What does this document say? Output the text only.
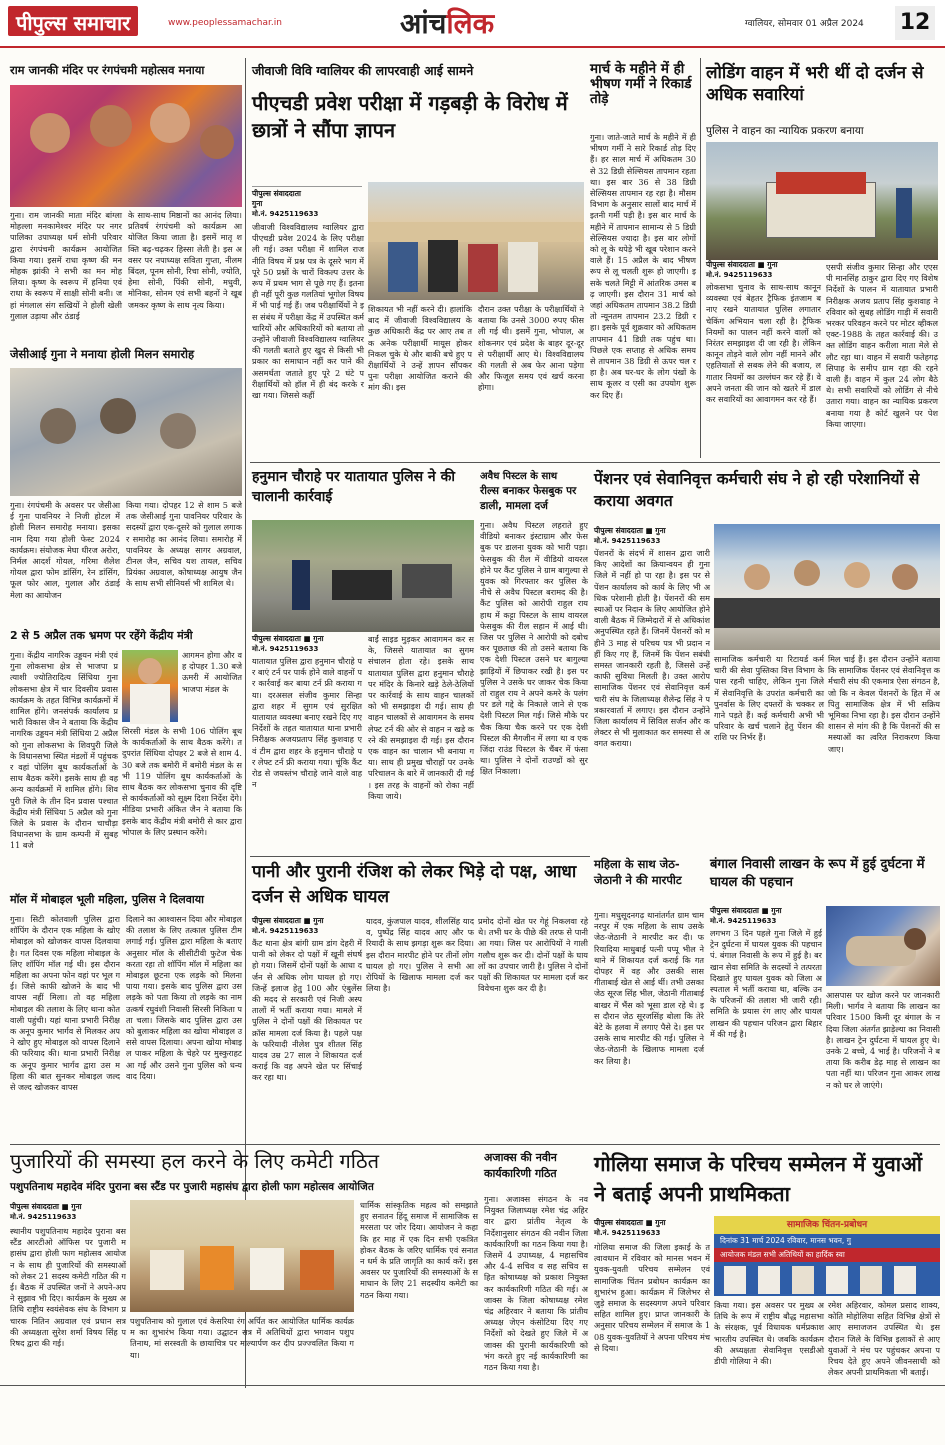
पीपुल्स समाचार	www.peoplessamachar.in	आंचलिक	ग्वालियर, सोमवार 01 अप्रैल 2024 12
राम जानकी मंदिर पर रंगपंचमी महोत्सव मनाया
गुना। राम जानकी माता मंदिर बांग्ला मोहल्ला मनकामेश्वर मंदिर पर नगर पालिका उपाध्यक्ष धर्म सोनी परिवार द्वारा रंगपंचमी कार्यक्रम आयोजित किया गया। इसमें राधा कृष्ण की मनमोहक झांकी ने सभी का मन मोह लिया। कृष्ण के स्वरूप में हनिया एवं राधा के स्वरूप में साक्षी सोनी बनी। जहां मंगलाल संग सखियों ने होली खेली गुलाल उड़ाया और ठंडाई
के साथ-साथ मिष्ठानों का आनंद लिया। प्रतिवर्ष रंगपंचमी को कार्यक्रम आयोजित किया जाता है। इसमें मातृ शक्ति बढ़-चढ़कर हिस्सा लेती है। इस अवसर पर नपाध्यक्ष सविता गुप्ता, नीलम बिंदल, पूनम सोनी, रिचा सोनी, ज्योति, हेमा सोनी, पिंकी सोनी, मधुवी, मोनिका, सोनम एवं सभी बहनों ने खूब जमकर कृष्ण के साथ नृत्य किया।
जेसीआई गुना ने मनाया होली मिलन समारोह
गुना। रंगपंचमी के अवसर पर जेसीआई गुना पावनियर ने निजी होटल में होली मिलन समारोह मनाया। इसका नाम दिया गया होली फेस्ट 2024 कार्यक्रम। संयोजक मेघा धीरज अरोरा, निर्मल आदर्श गोयल, गरिमा शैलेश गोयल द्वारा फोम डांसिंग, रेन डांसिंग, फूल फोर आल, गुलाल और ठंडाई मेला का आयोजन
किया गया। दोपहर 12 से शाम 5 बजे तक जेसीआई गुना पावनियर परिवार के सदस्यों द्वारा एक-दूसरे को गुलाल लगाकर समारोह का आनंद लिया। समारोह में पावनियर के अध्यक्ष सागर अग्रवाल, टीनल जैन, सचिव यश तायल, सचिव प्रियंका अग्रवाल, कोषाध्यक्ष आयुष जैन के साथ सभी सीनियर्स भी शामिल थे।
2 से 5 अप्रैल तक भ्रमण पर रहेंगे केंद्रीय मंत्री
गुना। केंद्रीय नागरिक उड्डयन मंत्री एवं गुना लोकसभा क्षेत्र से भाजपा प्रत्याशी ज्योतिरादित्य सिंधिया गुना लोकसभा क्षेत्र में चार दिवसीय प्रवास कार्यक्रम के तहत विभिन्न कार्यक्रमों में शामिल होंगे। जनसंपर्क कार्यालय प्रभारी विकास जैन ने बताया कि केंद्रीय नागरिक उड्डयन मंत्री सिंधिया 2 अप्रैल को गुना लोकसभा के शिवपुरी जिले के विधानसभा स्थित मंडलों में पहुंचकर वहां पोलिंग बूथ कार्यकर्ताओं के साथ बैठक करेंगे। इसके साथ ही वह अन्य कार्यक्रमों में शामिल होंगे। शिवपुरी जिले के तीन दिन प्रवास पश्चात केंद्रीय मंत्री सिंधिया 5 अप्रैल को गुना जिले के प्रवास के दौरान चाचौड़ा विधानसभा के ग्राम कम्पनी में सुबह 11 बजे
आगमन होगा और वह दोपहर 1.30 बजे ऊमरी में आयोजित भाजपा मंडल के
सिरसी मंडल के सभी 106 पोलिंग बूथ के कार्यकर्ताओं के साथ बैठक करेंगे। तदुपरांत सिंधिया दोपहर 2 बजे से शाम 4.30 बजे तक बमोरी में बमोरी मंडल के सभी 119 पोलिंग बूथ कार्यकर्ताओं के साथ बैठक कर लोकसभा चुनाव की दृष्टि से कार्यकर्ताओं को सूक्ष्म दिशा निर्देश देंगे। मीडिया प्रभारी अंकित जैन ने बताया कि इसके बाद केंद्रीय मंत्री बमोरी से कार द्वारा भोपाल के लिए प्रस्थान करेंगे।
मॉल में मोबाइल भूली महिला, पुलिस ने दिलवाया
गुना। सिटी कोतवाली पुलिस द्वारा शॉपिंग के दौरान एक महिला के खोए मोबाइल को खोजकर वापस दिलवाया है। गत दिवस एक महिला मोबाइल के लिए शॉपिंग मॉल गई थी। इस दौरान महिला का अपना फोन वहां पर भूल गई। जिसे काफी खोजने के बाद भी वापस नहीं मिला। तो वह महिला मोबाइल की तलाश के लिए थाना कोतवाली पहुंची। यहां थाना प्रभारी निरीक्षक अनूप कुमार भार्गव से मिलकर अपने खोए हुए मोबाइल को वापस दिलाने की फरियाद की। थाना प्रभारी निरीक्षक अनूप कुमार भार्गव द्वारा उस महिला की बात सुनकर मोबाइल जल्द से जल्द खोजकर वापस
दिलाने का आश्वासन दिया और मोबाइल की तलाश के लिए तत्काल पुलिस टीम लगाई गई। पुलिस द्वारा महिला के बताए अनुसार मॉल के सीसीटीवी फुटेज चेक करता रहा तो शॉपिंग मॉल में महिला का मोबाइल छूटना एक लड़के को मिलना पाया गया। इसके बाद पुलिस द्वारा उस लड़के को पता किया तो लड़के का नाम उत्कर्ष रघुवंशी निवासी सिरसी निकिता पता चला। जिसके बाद पुलिस द्वारा उसको बुलाकर महिला का खोया मोबाइल उससे वापस दिलाया। अपना खोया मोबाइल पाकर महिला के चेहरे पर मुस्कुराहट आ गई और उसने गुना पुलिस को धन्यवाद दिया।
जीवाजी विवि ग्वालियर की लापरवाही आई सामने
पीएचडी प्रवेश परीक्षा में गड़बड़ी के विरोध में छात्रों ने सौंपा ज्ञापन
पीपुल्स संवाददाता
गुना
मो.नं. 9425119633
जीवाजी विश्वविद्यालय ग्वालियर द्वारा पीएचडी प्रवेश 2024 के लिए परीक्षा ली गई। उक्त परीक्षा में शामिल राजनीति विषय में प्रश्न पत्र के दूसरे भाग में पूरे 50 प्रश्नों के चारों विकल्प उत्तर के रूप में प्रथम भाग से पूछे गए हैं। इतना ही नहीं पूरी कुछ गलतियां भूगोल विषय में भी पाई गई हैं। जब परीक्षार्थियों ने इस संबंध में परीक्षा केंद्र में उपस्थित कर्मचारियों और अधिकारियों को बताया तो उन्होंने जीवाजी विश्वविद्यालय ग्वालियर की गलती बताते हुए खुद से किसी भी प्रकार का समाधान नहीं कर पाने की असमर्थता जताते हुए पूरे 2 घंटे परीक्षार्थियों को हॉल में ही बंद करके रखा गया। जिससे कहीं
शिकायत भी नहीं करने दी। हालांकि बाद में जीवाजी विश्वविद्यालय के कुछ अधिकारी केंद्र पर आए तब तक अनेक परीक्षार्थी मायूस होकर निकल चुके थे और बाकी बचे हुए परीक्षार्थियों ने उन्हें ज्ञापन सौंपकर पुनः परीक्षा आयोजित कराने की मांग की। इस
दौरान उक्त परीक्षा के परीक्षार्थियों ने बताया कि उनसे 3000 रुपए फीस ली गई थी। इसमें गुना, भोपाल, अशोकनगर एवं प्रदेश के बाहर दूर-दूर से परीक्षार्थी आए थे। विश्वविद्यालय की गलती से अब फेर आना पड़ेगा और फिजूल समय एवं खर्च करना होगा।
मार्च के महीने में ही भीषण गर्मी ने रिकार्ड तोड़े
गुना। जाते-जाते मार्च के महीने में ही भीषण गर्मी ने सारे रिकार्ड तोड़ दिए हैं। हर साल मार्च में अधिकतम 30 से 32 डिग्री सेल्सियस तापमान रहता था। इस बार 36 से 38 डिग्री सेल्सियस तापमान रह रहा है। मौसम विभाग के अनुसार सालों बाद मार्च में इतनी गर्मी पड़ी है। इस बार मार्च के महीने में तापमान सामान्य से 5 डिग्री सेल्सियस ज्यादा है। इस बार लोगों को लू के थपेड़े भी खूब परेशान करने वाले हैं। 15 अप्रैल के बाद भीषण रूप से लू चलती शुरू हो जाएगी। इसके चलते मिट्टी में आंतरिक उमस बढ़ जाएगी। इस दौरान 31 मार्च को जहां अधिकतम तापमान 38.2 डिग्री तो न्यूनतम तापमान 23.2 डिग्री रहा। इसके पूर्व शुक्रवार को अधिकतम तापमान 41 डिग्री तक पहुंच था। पिछले एक सप्ताह से अधिक समय से तापमान 38 डिग्री से ऊपर चल रहा है। अब घर-घर के लोग पंखों के साथ कूलर व एसी का उपयोग शुरू कर दिए हैं।
लोडिंग वाहन में भरी थीं दो दर्जन से अधिक सवारियां
पुलिस ने वाहन का न्यायिक प्रकरण बनाया
पीपुल्स संवाददाता ■ गुना
मो.नं. 9425119633
लोकसभा चुनाव के साथ-साथ कानून व्यवस्था एवं बेहतर ट्रैफिक इंतजाम बनाए रखने यातायात पुलिस लगातार चेकिंग अभियान चला रही है। ट्रैफिक नियमों का पालन नहीं करने वालों को निरंतर समझाइश दी जा रही है। लेकिन कानून तोड़ने वाले लोग नहीं मानने और एहतियातों से सबक लेने की बजाय, लगातार नियमों का उल्लंघन कर रहे हैं। वे अपने जनता की जान को खतरे में डालकर सवारियों का आवागमन कर रहे हैं।
एसपी संजीव कुमार सिन्हा और एएसपी मानसिंह ठाकुर द्वारा दिए गए विशेष निर्देशों के पालन में यातायात प्रभारी निरीक्षक अजय प्रताप सिंह कुशवाह ने रविवार को सुबह लोडिंग गाड़ी में सवारी भरकर परिवहन करने पर मोटर व्हीकल एक्ट-1988 के तहत कार्रवाई की। उक्त लोडिंग वाहन करीला माता मेले से लौट रहा था। वाहन में सवारी फतेहगढ़ सिपाह के समीप ग्राम रहा की रहने वाली हैं। वाहन में कुल 24 लोग बैठे थे। सभी सवारियों को लोडिंग से नीचे उतारा गया। वाहन का न्यायिक प्रकरण बनाया गया है कोर्ट खुलने पर पेश किया जाएगा।
हनुमान चौराहे पर यातायात पुलिस ने की चालानी कार्रवाई
पीपुल्स संवाददाता ■ गुना
मो.नं. 9425119633
यातायात पुलिस द्वारा हनुमान चौराहे पर बाएं टर्न पर पार्क होने वाले वाहनों पर कार्रवाई कर बाया टर्न फ्री कराया गया। दरअसल संजीव कुमार सिन्हा द्वारा शहर में सुगम एवं सुरक्षित यातायात व्यवस्था बनाए रखने दिए गए निर्देशों के तहत यातायात थाना प्रभारी निरीक्षक अजयप्रताप सिंह कुशवाह एवं टीम द्वारा शहर के हनुमान चौराहे पर लेफ्ट टर्न फ्री कराया गया। चूंकि कैंट रोड से जयस्तंभ चौराहे जाने वाले वाहन
बाईं साइड मुड़कर आवागमन कर सके, जिससे यातायात का सुगम संचालन होता रहे। इसके साथ यातायात पुलिस द्वारा हनुमान चौराहे पर मंदिर के किनारे खड़े ठेले-ठेलियों पर कार्रवाई के साथ वाहन चालकों को भी समझाइश दी गई। साथ ही वाहन चालकों से आवागमन के समय लेफ्ट टर्न की ओर से वाहन न खड़े करने की समझाइश दी गई। इस दौरान एक वाहन का चालान भी बनाया गया। साथ ही प्रमुख चौराहों पर उनके परिचालन के बारे में जानकारी दी गई। इस तरह के वाहनों को रोका नहीं किया जाये।
अवैध पिस्टल के साथ
रील्स बनाकर फेसबुक पर डाली, मामला दर्ज
गुना। अवैध पिस्टल लहराते हुए वीडियो बनाकर इंस्टाग्राम और फेसबुक पर डालना युवक को भारी पड़ा। फेसबुक की रील में वीडियो वायरल होने पर कैंट पुलिस ने ग्राम बागुल्या से युवक को गिरफ्तार कर पुलिस के नीचे से अवैध पिस्टल बरामद की है। कैंट पुलिस को आरोपी राहुल राय हाथ में कट्टा पिस्टल के साथ वायरल फेसबुक की रील सहान में आई थी। जिस पर पुलिस ने आरोपी को दबोचकर पूछताछ की तो उसने बताया कि एक देशी पिस्टल उसने घर बागुल्या झाड़ियों में छिपाकर रखी है। इस पर पुलिस ने उसके घर जाकर चेक किया तो राहुल राय ने अपने कमरे के पलंग पर डले गद्दे के निकाले जाने से एक देशी पिस्टल मिल गई। जिसे मौके पर चैक किया चैक करने पर एक देशी पिस्टल की मैगजीन में लगा था व एक जिंदा राउंड पिस्टल के चैंबर में फंसा था। पुलिस ने दोनों राउण्डों को सुरक्षित निकाला।
पेंशनर एवं सेवानिवृत्त कर्मचारी संघ ने हो रही परेशानियों से कराया अवगत
पीपुल्स संवाददाता ■ गुना
मो.नं. 9425119633
पेंशनरों के संदर्भ में शासन द्वारा जारी किए आदेशों का क्रियान्वयन ही गुना जिले में नहीं हो पा रहा है। इस पर से पेंशन कार्यालय को कार्य के लिए भी अधिक परेशानी होती है। पेंशनरों की समस्याओं पर निदान के लिए आयोजित होने वाली बैठक में जिम्मेदारों में से अधिकांश अनुपस्थित रहते हैं। जिनमें पेंशनरों को महीने 3 माह से परिचय पत्र भी प्रदान नहीं किए गए हैं, जिनमें कि पेंशन सबंधी समस्त जानकारी रहती है, जिससे उन्हें काफी सुविधा मिलती है। उक्त आरोप सामाजिक पेंशनर एवं सेवानिवृत्त कर्मचारी संघ के जिलाध्यक्ष शैलेन्द्र सिंह ने पत्रकारवार्ता में लगाए। इस दौरान उन्होंने जिला कार्यालय में सिविल सर्जन और कलेक्टर से भी मुलाकात कर समस्या से अवगत कराया।
सामाजिक कर्मचारी या रिटायर्ड कर्मचारी की सेवा पुस्तिका वित्त विभाग के पास रहनी चाहिए, लेकिन गुना जिले में सेवानिवृत्ति के उपरांत कर्मचारी का पुनर्वास के लिए दफ्तरों के चक्कर लगाने पड़ते हैं। कई कर्मचारी अभी भी परिवार के खर्च चलाने हेतु पेंशन की राशि पर निर्भर हैं।
मिल चाई हैं। इस दौरान उन्होंने बताया कि सामाजिक पेंशनर एवं सेवानिवृत्त कर्मचारी संघ की एकमात्र ऐसा संगठन है, जो कि न केवल पेंशनरों के हित में अपितु सामाजिक क्षेत्र में भी सक्रिय भूमिका निभा रहा है। इस दौरान उन्होंने शासन से मांग की है कि पेंशनरों की समस्याओं का त्वरित निराकरण किया जाए।
पानी और पुरानी रंजिश को लेकर भिड़े दो पक्ष, आधा दर्जन से अधिक घायल
पीपुल्स संवाददाता ■ गुना
मो.नं. 9425119633
कैंट थाना क्षेत्र बांगी ग्राम डांग देहरी में पानी को लेकर दो पक्षों में खूनी संघर्ष हो गया। जिसमें दोनों पक्षों के आधा दर्जन से अधिक लोग घायल हो गए। जिन्हें इलाज हेतु 100 और एंबुलेंस की मदद से सरकारी एवं निजी अस्पतालों में भर्ती कराया गया। मामले में पुलिस ने दोनों पक्षों की शिकायत पर क्रॉस मामला दर्ज किया है। पहले पक्ष के फरियादी नीलेश पुत्र शीतल सिंह यादव उम्र 27 साल ने शिकायत दर्ज कराई कि वह अपने खेत पर सिंचाई कर रहा था।
यादव, कुंजपाल यादव, शीलसिंह यादव, पुष्पेंद्र सिंह यादव आए और फरियादी के साथ झगड़ा शुरू कर दिया। इस दौरान मारपीट होने पर तीनों लोग घायल हो गए। पुलिस ने सभी आरोपियों के खिलाफ मामला दर्ज कर लिया है।
प्रमोद दोनों खेत पर गेहूं निकलवा रहे थे। तभी घर के पीछे की तरफ से पानी आ गया। जिस पर आरोपियों ने गाली गलौच शुरू कर दी। दोनों पक्षों के घायलों का उपचार जारी है। पुलिस ने दोनों पक्षों की शिकायत पर मामला दर्ज कर विवेचना शुरू कर दी है।
महिला के साथ जेठ-जेठानी ने की मारपीट
गुना। मधुसूदनगढ़ थानांतर्गत ग्राम चामनरपुर में एक महिला के साथ उसके जेठ-जेठानी ने मारपीट कर दी। फरियादिया माधुबाई पत्नी पप्पू भील ने थाने में शिकायत दर्ज कराई कि गत दोपहर में वह और उसकी सास गीताबाई खेत से आई थीं। तभी उसका जेठ सूरज सिंह भील, जेठानी गीताबाई बाखर में भैंस को भूसा डाल रहे थे। इस दौरान जेठ सूरजसिंह बोला कि तेरे बेटे के हलवा में लगाए पैसे दे। इस पर उसके साथ मारपीट की गई। पुलिस ने जेठ-जेठानी के खिलाफ मामला दर्ज कर लिया है।
बंगाल निवासी लाखन के रूप में हुई दुर्घटना में घायल की पहचान
पीपुल्स संवाददाता ■ गुना
मो.नं. 9425119633
लगभग 3 दिन पहले गुना जिले में हुई ट्रेन दुर्घटना में घायल युवक की पहचान पं. बंगाल निवासी के रूप में हुई है। बरखान सेवा समिति के सदस्यों ने तत्परता दिखाते हुए घायल युवक को जिला अस्पताल में भर्ती कराया था, बल्कि उनके परिजनों की तलाश भी जारी रही। समिति के प्रयास रंग लाए और घायल लाखन की पहचान परिजन द्वारा बिहार में की गई है।
आसपास पर खोज करने पर जानकारी मिली। भार्गव ने बताया कि लाखन का परिवार 1500 किमी दूर बंगाल के नदिया जिला अंतर्गत झाड़ेल्या का निवासी है। लाखन ट्रेन दुर्घटना में घायल हुए थे। उनके 2 बच्चे, 4 भाई है। परिजनों ने बताया कि करीब डेढ़ माह से लाखन का पता नहीं था। परिजन गुना आकर लाखन को घर ले जाएंगे।
पुजारियों की समस्या हल करने के लिए कमेटी गठित
पशुपतिनाथ महादेव मंदिर पुराना बस स्टैंड पर पुजारी महासंघ द्वारा होली फाग महोत्सव आयोजित
पीपुल्स संवाददाता ■ गुना
मो.नं. 9425119633
स्थानीय पशुपतिनाथ महादेव पुराना बस स्टैंड आरटीओ ऑफिस पर पुजारी महासंघ द्वारा होली फाग महोत्सव आयोजन के साथ ही पुजारियों की समस्याओं को लेकर 21 सदस्य कमेटी गठित की गई। बैठक में उपस्थित जनों ने अपने-अपने सुझाव भी दिए। कार्यक्रम के मुख्य अतिथि राष्ट्रीय स्वयंसेवक संघ के विभाग प्रचारक नितिन अग्रवाल एवं प्रधान सत्र की अध्यक्षता सुरेश शर्मा विषय सिंह परिषद द्वारा की गई।
पशुपतिनाथ को गुलाल एवं केसरिया रंग अर्पित कर आयोजित धार्मिक कार्यक्रम का शुभारंभ किया गया। उद्घाटन सत्र में अतिथियों द्वारा भगवान पशुपतिनाथ, मां सरस्वती के छायाचित्र पर माल्यार्पण कर दीप प्रज्ज्वलित किया गया।
धार्मिक सांस्कृतिक महत्व को समझाते हुए सनातन हिंदू समाज में सामाजिक समरसता पर जोर दिया। आयोजन ने कहा कि हर माह में एक दिन सभी एकत्रित होकर बैठक के जरिए धार्मिक एवं सनातन धर्म के प्रति जागृति का कार्य करें। इस अवसर पर पुजारियों की समस्याओं के समाधान के लिए 21 सदस्यीय कमेटी का गठन किया गया।
अजाक्स की नवीन कार्यकारिणी गठित
गुना। अजाक्स संगठन के नव नियुक्त जिलाध्यक्ष रमेश चंद्र अहिरवार द्वारा प्रांतीय नेतृत्व के निर्देशानुसार संगठन की नवीन जिला कार्यकारिणी का गठन किया गया है। जिसमें 4 उपाध्यक्ष, 4 महासचिव और 4-4 सचिव व सह सचिव सहित कोषाध्यक्ष को प्रकाश नियुक्त कर कार्यकारिणी गठित की गई। अजाक्स के जिला कोषाध्यक्ष रमेश चंद्र अहिरवार ने बताया कि प्रांतीय अध्यक्ष जेएन कंसोटिया दिए गए निर्देशों को देखते हुए जिले में अजाक्स की पुरानी कार्यकारिणी को भंग करते हुए नई कार्यकारिणी का गठन किया गया है।
गोलिया समाज के परिचय सम्मेलन में युवाओं ने बताई अपनी प्राथमिकता
पीपुल्स संवाददाता ■ गुना
मो.नं. 9425119633
गोलिया समाज की जिला इकाई के तत्वावधान में रविवार को मानस भवन में युवक-युवती परिचय सम्मेलन एवं सामाजिक चिंतन प्रबोधन कार्यक्रम का शुभारंभ हुआ। कार्यक्रम में जिलेभर से जुड़े समाज के सदस्यगण अपने परिवार सहित शामिल हुए। प्राप्त जानकारी के अनुसार परिचय सम्मेलन में समाज के 108 युवक-युवतियों ने अपना परिचय मंच से दिया।
सामाजिक चिंतन-प्रबोधन
दिनांक 31 मार्च 2024 रविवार, मानस भवन, गु
आयोजक मंडल सभी अतिथियों का हार्दिक स्वा
किया गया। इस अवसर पर मुख्य अतिथि के रूप में राष्ट्रीय बौद्ध महासभा के संरक्षक, पूर्व विधायक धर्मप्रकाश भारतीय उपस्थित थे। जबकि कार्यक्रम की अध्यक्षता सेवानिवृत्त एसडीओ डीपी गोलिया ने की।
रमेश अहिरवार, कोमल प्रसाद शाक्य, कोति मोहोलिया सहित विभिन्न क्षेत्रों से आए समाजजन उपस्थित थे। इस दौरान जिले के विभिन्न इलाकों से आए युवाओं ने मंच पर पहुंचकर अपना परिचय देते हुए अपने जीवनसाथी को लेकर अपनी प्राथमिकता भी बताई।
